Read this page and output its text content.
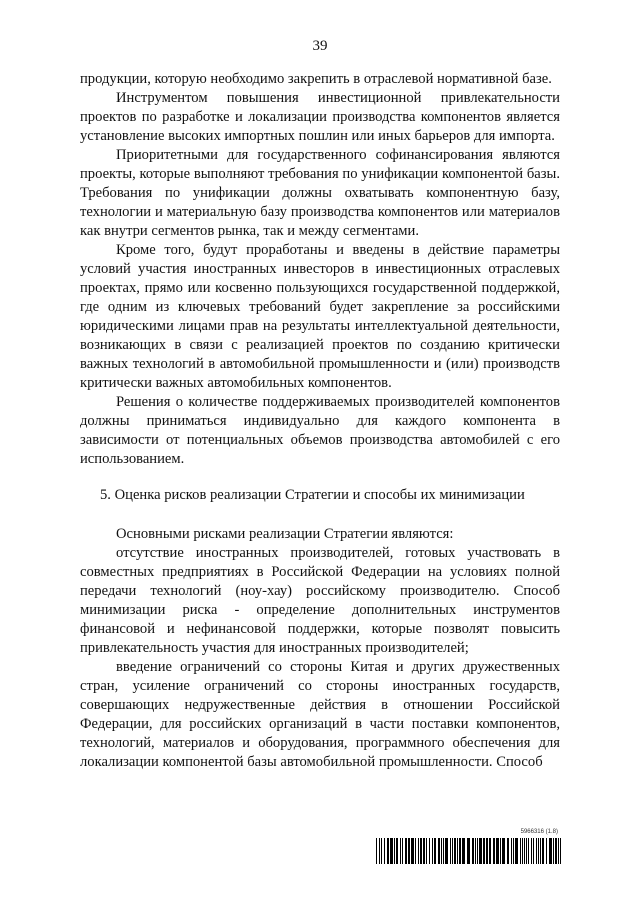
39

продукции, которую необходимо закрепить в отраслевой нормативной базе.

Инструментом повышения инвестиционной привлекательности проектов по разработке и локализации производства компонентов является установление высоких импортных пошлин или иных барьеров для импорта.

Приоритетными для государственного софинансирования являются проекты, которые выполняют требования по унификации компонентой базы. Требования по унификации должны охватывать компонентную базу, технологии и материальную базу производства компонентов или материалов как внутри сегментов рынка, так и между сегментами.

Кроме того, будут проработаны и введены в действие параметры условий участия иностранных инвесторов в инвестиционных отраслевых проектах, прямо или косвенно пользующихся государственной поддержкой, где одним из ключевых требований будет закрепление за российскими юридическими лицами прав на результаты интеллектуальной деятельности, возникающих в связи с реализацией проектов по созданию критически важных технологий в автомобильной промышленности и (или) производств критически важных автомобильных компонентов.

Решения о количестве поддерживаемых производителей компонентов должны приниматься индивидуально для каждого компонента в зависимости от потенциальных объемов производства автомобилей с его использованием.

5. Оценка рисков реализации Стратегии и способы их минимизации

Основными рисками реализации Стратегии являются:

отсутствие иностранных производителей, готовых участвовать в совместных предприятиях в Российской Федерации на условиях полной передачи технологий (ноу-хау) российскому производителю. Способ минимизации риска - определение дополнительных инструментов финансовой и нефинансовой поддержки, которые позволят повысить привлекательность участия для иностранных производителей;

введение ограничений со стороны Китая и других дружественных стран, усиление ограничений со стороны иностранных государств, совершающих недружественные действия в отношении Российской Федерации, для российских организаций в части поставки компонентов, технологий, материалов и оборудования, программного обеспечения для локализации компонентой базы автомобильной промышленности. Способ

5966316 (1.8)
